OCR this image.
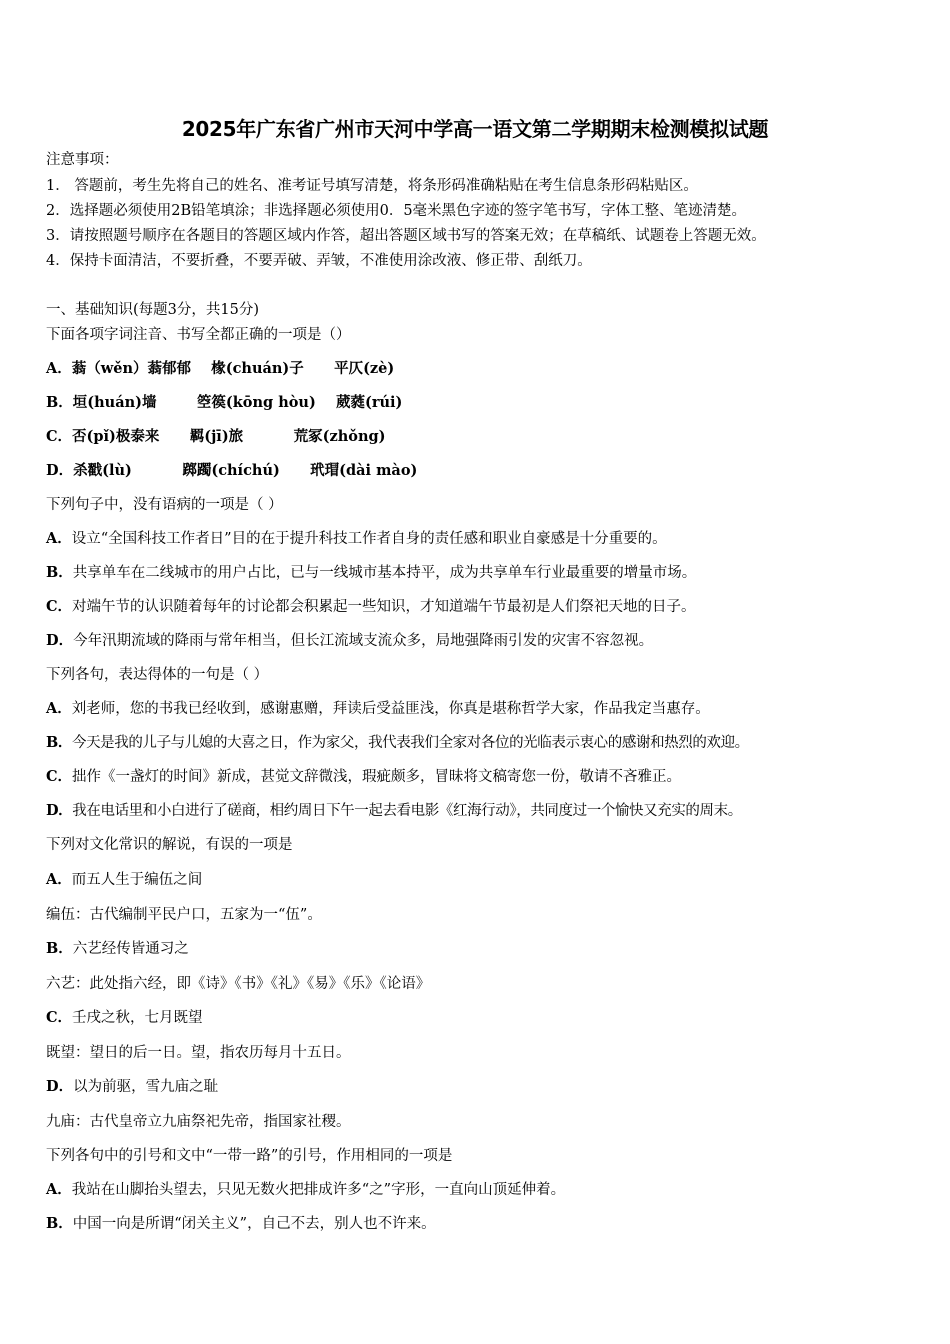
2025年广东省广州市天河中学高一语文第二学期期末检测模拟试题
注意事项：
1． 答题前，考生先将自己的姓名、准考证号填写清楚，将条形码准确粘贴在考生信息条形码粘贴区。
2．选择题必须使用2B铅笔填涂；非选择题必须使用0．5毫米黑色字迹的签字笔书写，字体工整、笔迹清楚。
3．请按照题号顺序在各题目的答题区域内作答，超出答题区域书写的答案无效；在草稿纸、试题卷上答题无效。
4．保持卡面清洁，不要折叠，不要弄破、弄皱，不准使用涂改液、修正带、刮纸刀。
一、基础知识(每题3分，共15分)
下面各项字词注音、书写全都正确的一项是（）
A．蓊（wěn）蓊郁郁    椽(chuán)子      平仄(zè)
B．垣(huán)墙        箜篌(kōng hòu)    葳蕤(rúi)
C．否(pǐ)极泰来      羁(jī)旅          荒冢(zhǒng)
D．杀戳(lù)          踯躅(chíchú)      玳瑁(dài mào)
下列句子中，没有语病的一项是（ ）
A．设立“全国科技工作者日”目的在于提升科技工作者自身的责任感和职业自豪感是十分重要的。
B．共享单车在二线城市的用户占比，已与一线城市基本持平，成为共享单车行业最重要的增量市场。
C．对端午节的认识随着每年的讨论都会积累起一些知识，才知道端午节最初是人们祭祀天地的日子。
D．今年汛期流域的降雨与常年相当，但长江流域支流众多，局地强降雨引发的灾害不容忽视。
下列各句，表达得体的一句是（ ）
A．刘老师，您的书我已经收到，感谢惠赠，拜读后受益匪浅，你真是堪称哲学大家，作品我定当惠存。
B．今天是我的儿子与儿媳的大喜之日，作为家父，我代表我们全家对各位的光临表示衷心的感谢和热烈的欢迎。
C．拙作《一盏灯的时间》新成，甚觉文辞微浅，瑕疵颇多，冒昧将文稿寄您一份，敬请不吝雅正。
D．我在电话里和小白进行了磋商，相约周日下午一起去看电影《红海行动》，共同度过一个愉快又充实的周末。
下列对文化常识的解说，有误的一项是
A．而五人生于编伍之间
编伍：古代编制平民户口，五家为一“伍”。
B．六艺经传皆通习之
六艺：此处指六经，即《诗》《书》《礼》《易》《乐》《论语》
C．壬戌之秋，七月既望
既望：望日的后一日。望，指农历每月十五日。
D．以为前驱，雪九庙之耻
九庙：古代皇帝立九庙祭祀先帝，指国家社稷。
下列各句中的引号和文中“一带一路”的引号，作用相同的一项是
A．我站在山脚抬头望去，只见无数火把排成许多“之”字形，一直向山顶延伸着。
B．中国一向是所谓“闭关主义”，自己不去，别人也不许来。
